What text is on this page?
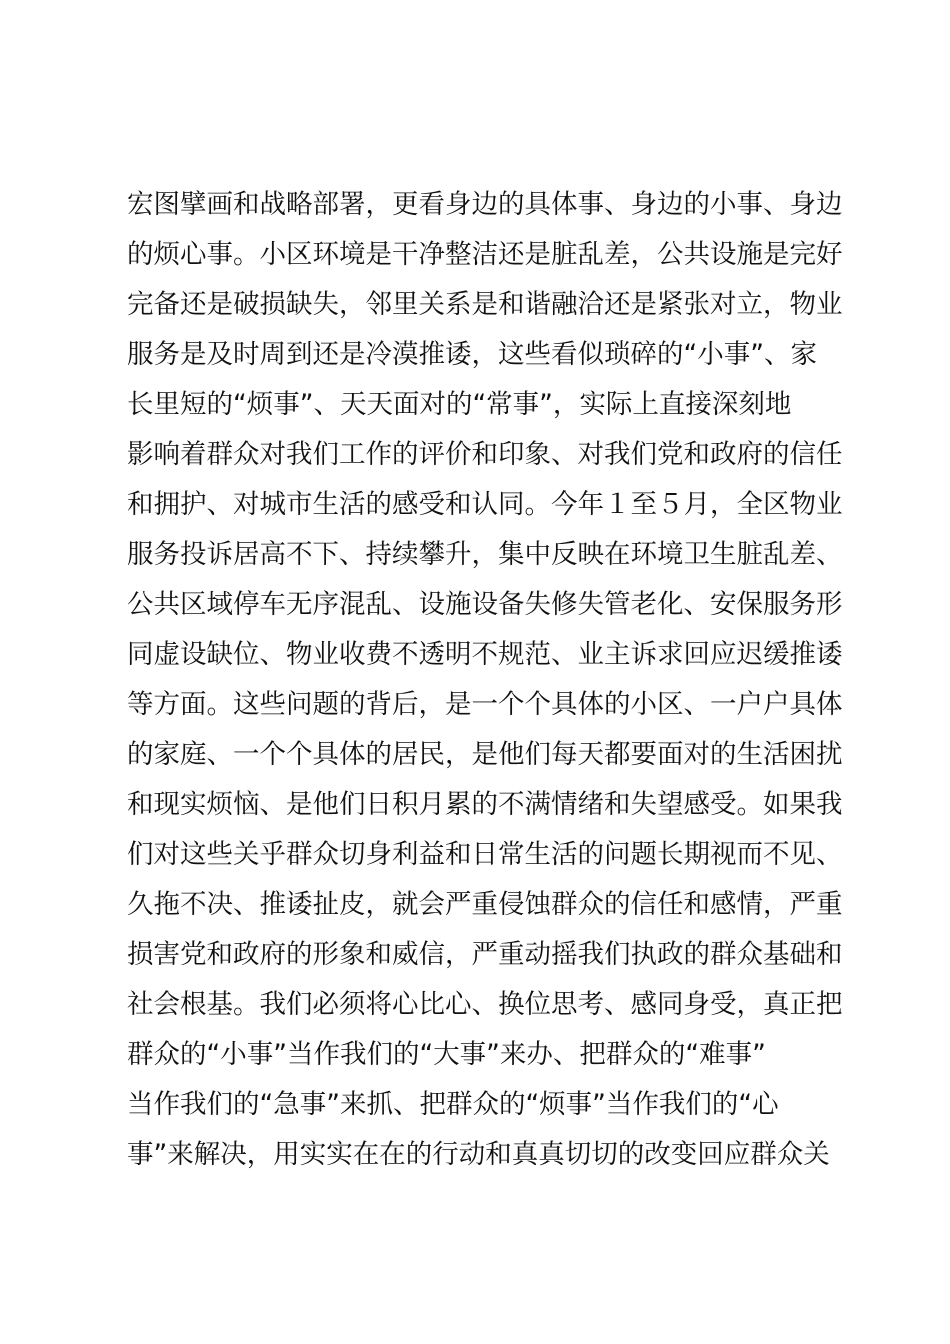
宏图擘画和战略部署，更看身边的具体事、身边的小事、身边
的烦心事。小区环境是干净整洁还是脏乱差，公共设施是完好
完备还是破损缺失，邻里关系是和谐融洽还是紧张对立，物业
服务是及时周到还是冷漠推诿，这些看似琐碎的“小事”、家
长里短的“烦事”、天天面对的“常事”，实际上直接深刻地
影响着群众对我们工作的评价和印象、对我们党和政府的信任
和拥护、对城市生活的感受和认同。今年１至５月，全区物业
服务投诉居高不下、持续攀升，集中反映在环境卫生脏乱差、
公共区域停车无序混乱、设施设备失修失管老化、安保服务形
同虚设缺位、物业收费不透明不规范、业主诉求回应迟缓推诿
等方面。这些问题的背后，是一个个具体的小区、一户户具体
的家庭、一个个具体的居民，是他们每天都要面对的生活困扰
和现实烦恼、是他们日积月累的不满情绪和失望感受。如果我
们对这些关乎群众切身利益和日常生活的问题长期视而不见、
久拖不决、推诿扯皮，就会严重侵蚀群众的信任和感情，严重
损害党和政府的形象和威信，严重动摇我们执政的群众基础和
社会根基。我们必须将心比心、换位思考、感同身受，真正把
群众的“小事”当作我们的“大事”来办、把群众的“难事”
当作我们的“急事”来抓、把群众的“烦事”当作我们的“心
事”来解决，用实实在在的行动和真真切切的改变回应群众关
